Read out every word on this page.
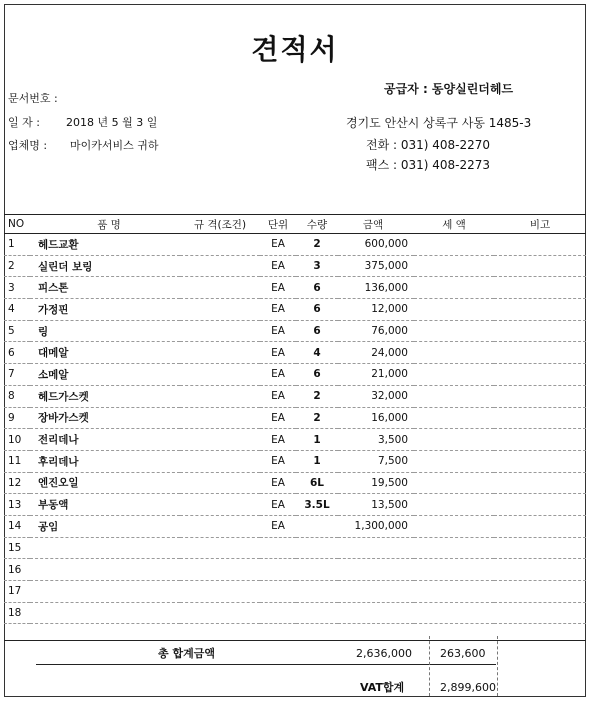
견적서
문서번호 :
일 자 : 2018 년 5 월 3 일
업체명 : 마이카서비스 귀하
공급자 : 동양실린더헤드
경기도 안산시 상록구 사동 1485-3
전화 : 031) 408-2270
팩스 : 031) 408-2273
NO	품 명	규 격(조건)	단위	수량	금액	세 액	비고
1	헤드교환		EA	2	600,000		
2	실린더 보링		EA	3	375,000		
3	피스톤		EA	6	136,000		
4	가정핀		EA	6	12,000		
5	링		EA	6	76,000		
6	대메알		EA	4	24,000		
7	소메알		EA	6	21,000		
8	헤드가스켓		EA	2	32,000		
9	장바가스켓		EA	2	16,000		
10	전리데나		EA	1	3,500		
11	후리데나		EA	1	7,500		
12	엔진오일		EA	6L	19,500		
13	부동액		EA	3.5L	13,500		
14	공임		EA		1,300,000		
15							
16							
17							
18							
총 합계금액	2,636,000	263,600
VAT합계	2,899,600
